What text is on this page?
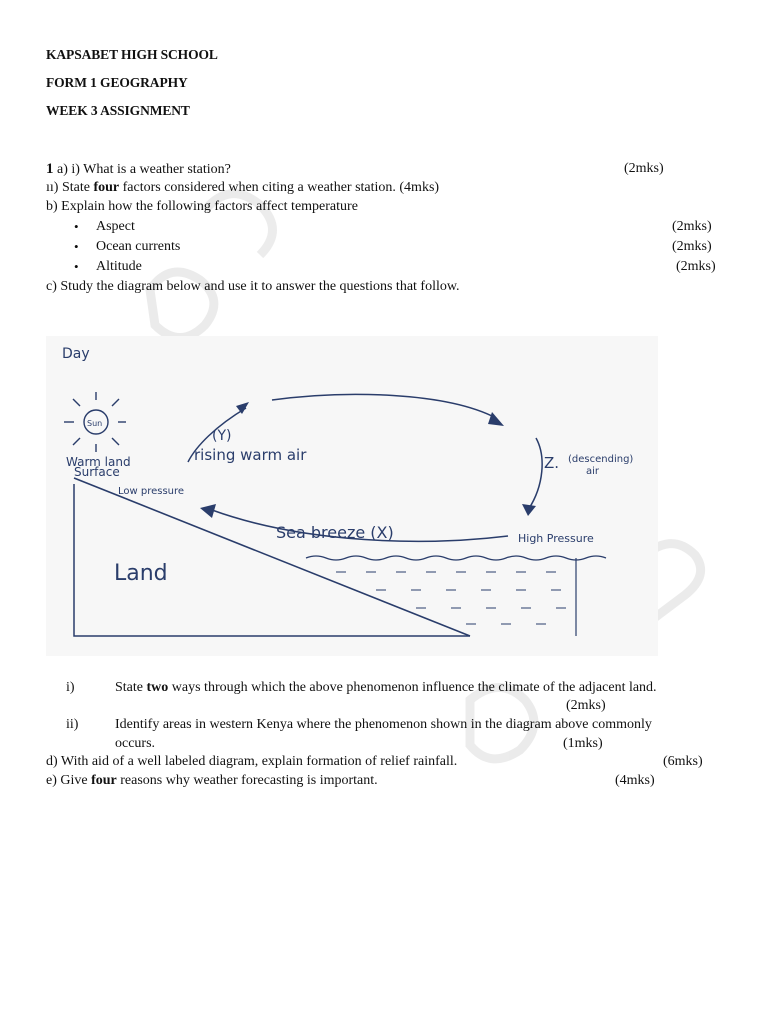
KAPSABET HIGH SCHOOL
FORM 1 GEOGRAPHY
WEEK 3 ASSIGNMENT
1 a) i) What is a weather station?	(2mks)
ıı) State four factors considered when citing a weather station. (4mks)
b) Explain how the following factors affect temperature
• Aspect	(2mks)
• Ocean currents	(2mks)
• Altitude	(2mks)
c) Study the diagram below and use it to answer the questions that follow.
Day
Sun
Warm land
Surface
Low pressure
(Y)
rising warm air	Z. (descending)
air
Sea breeze (X)	High Pressure
Land
i)	State two ways through which the above phenomenon influence the climate of the adjacent land.
(2mks)
ii)	Identify areas in western Kenya where the phenomenon shown in the diagram above commonly
occurs.	(1mks)
d) With aid of a well labeled diagram, explain formation of relief rainfall.	(6mks)
e) Give four reasons why weather forecasting is important.	(4mks)
